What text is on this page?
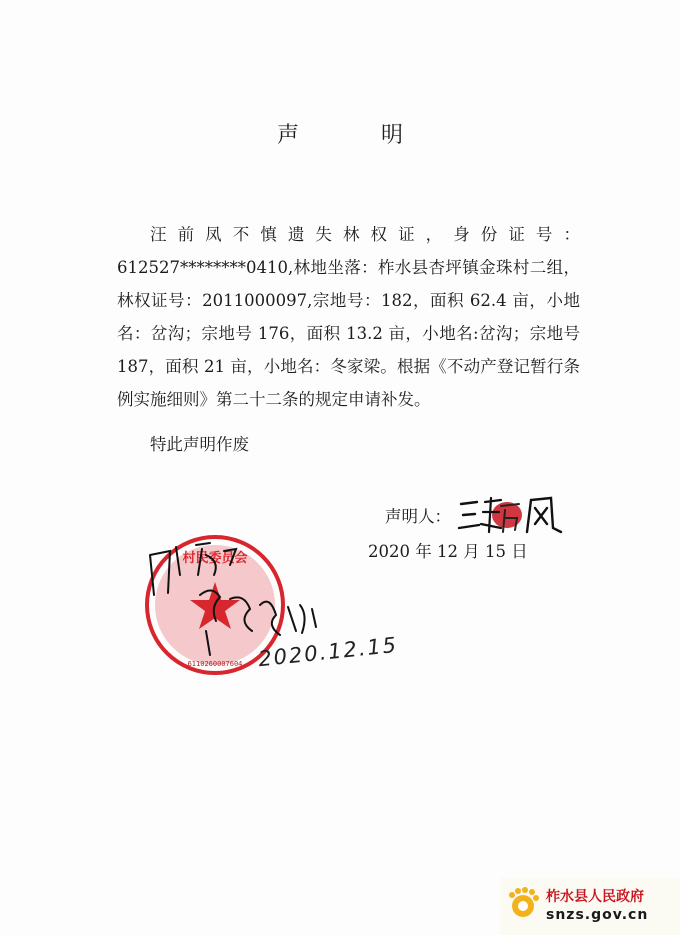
声　明

汪前凤不慎遗失林权证，身份证号：612527********0410,林地坐落：柞水县杏坪镇金珠村二组，林权证号：2011000097,宗地号：182，面积 62.4 亩，小地名：岔沟；宗地号 176，面积 13.2 亩，小地名:岔沟；宗地号 187，面积 21 亩，小地名：冬家梁。根据《不动产登记暂行条例实施细则》第二十二条的规定申请补发。

特此声明作废
声明人：
2020 年 12 月 15 日
村民委员会
6110260007604 2020.12.15
柞水县人民政府
snzs.gov.cn
